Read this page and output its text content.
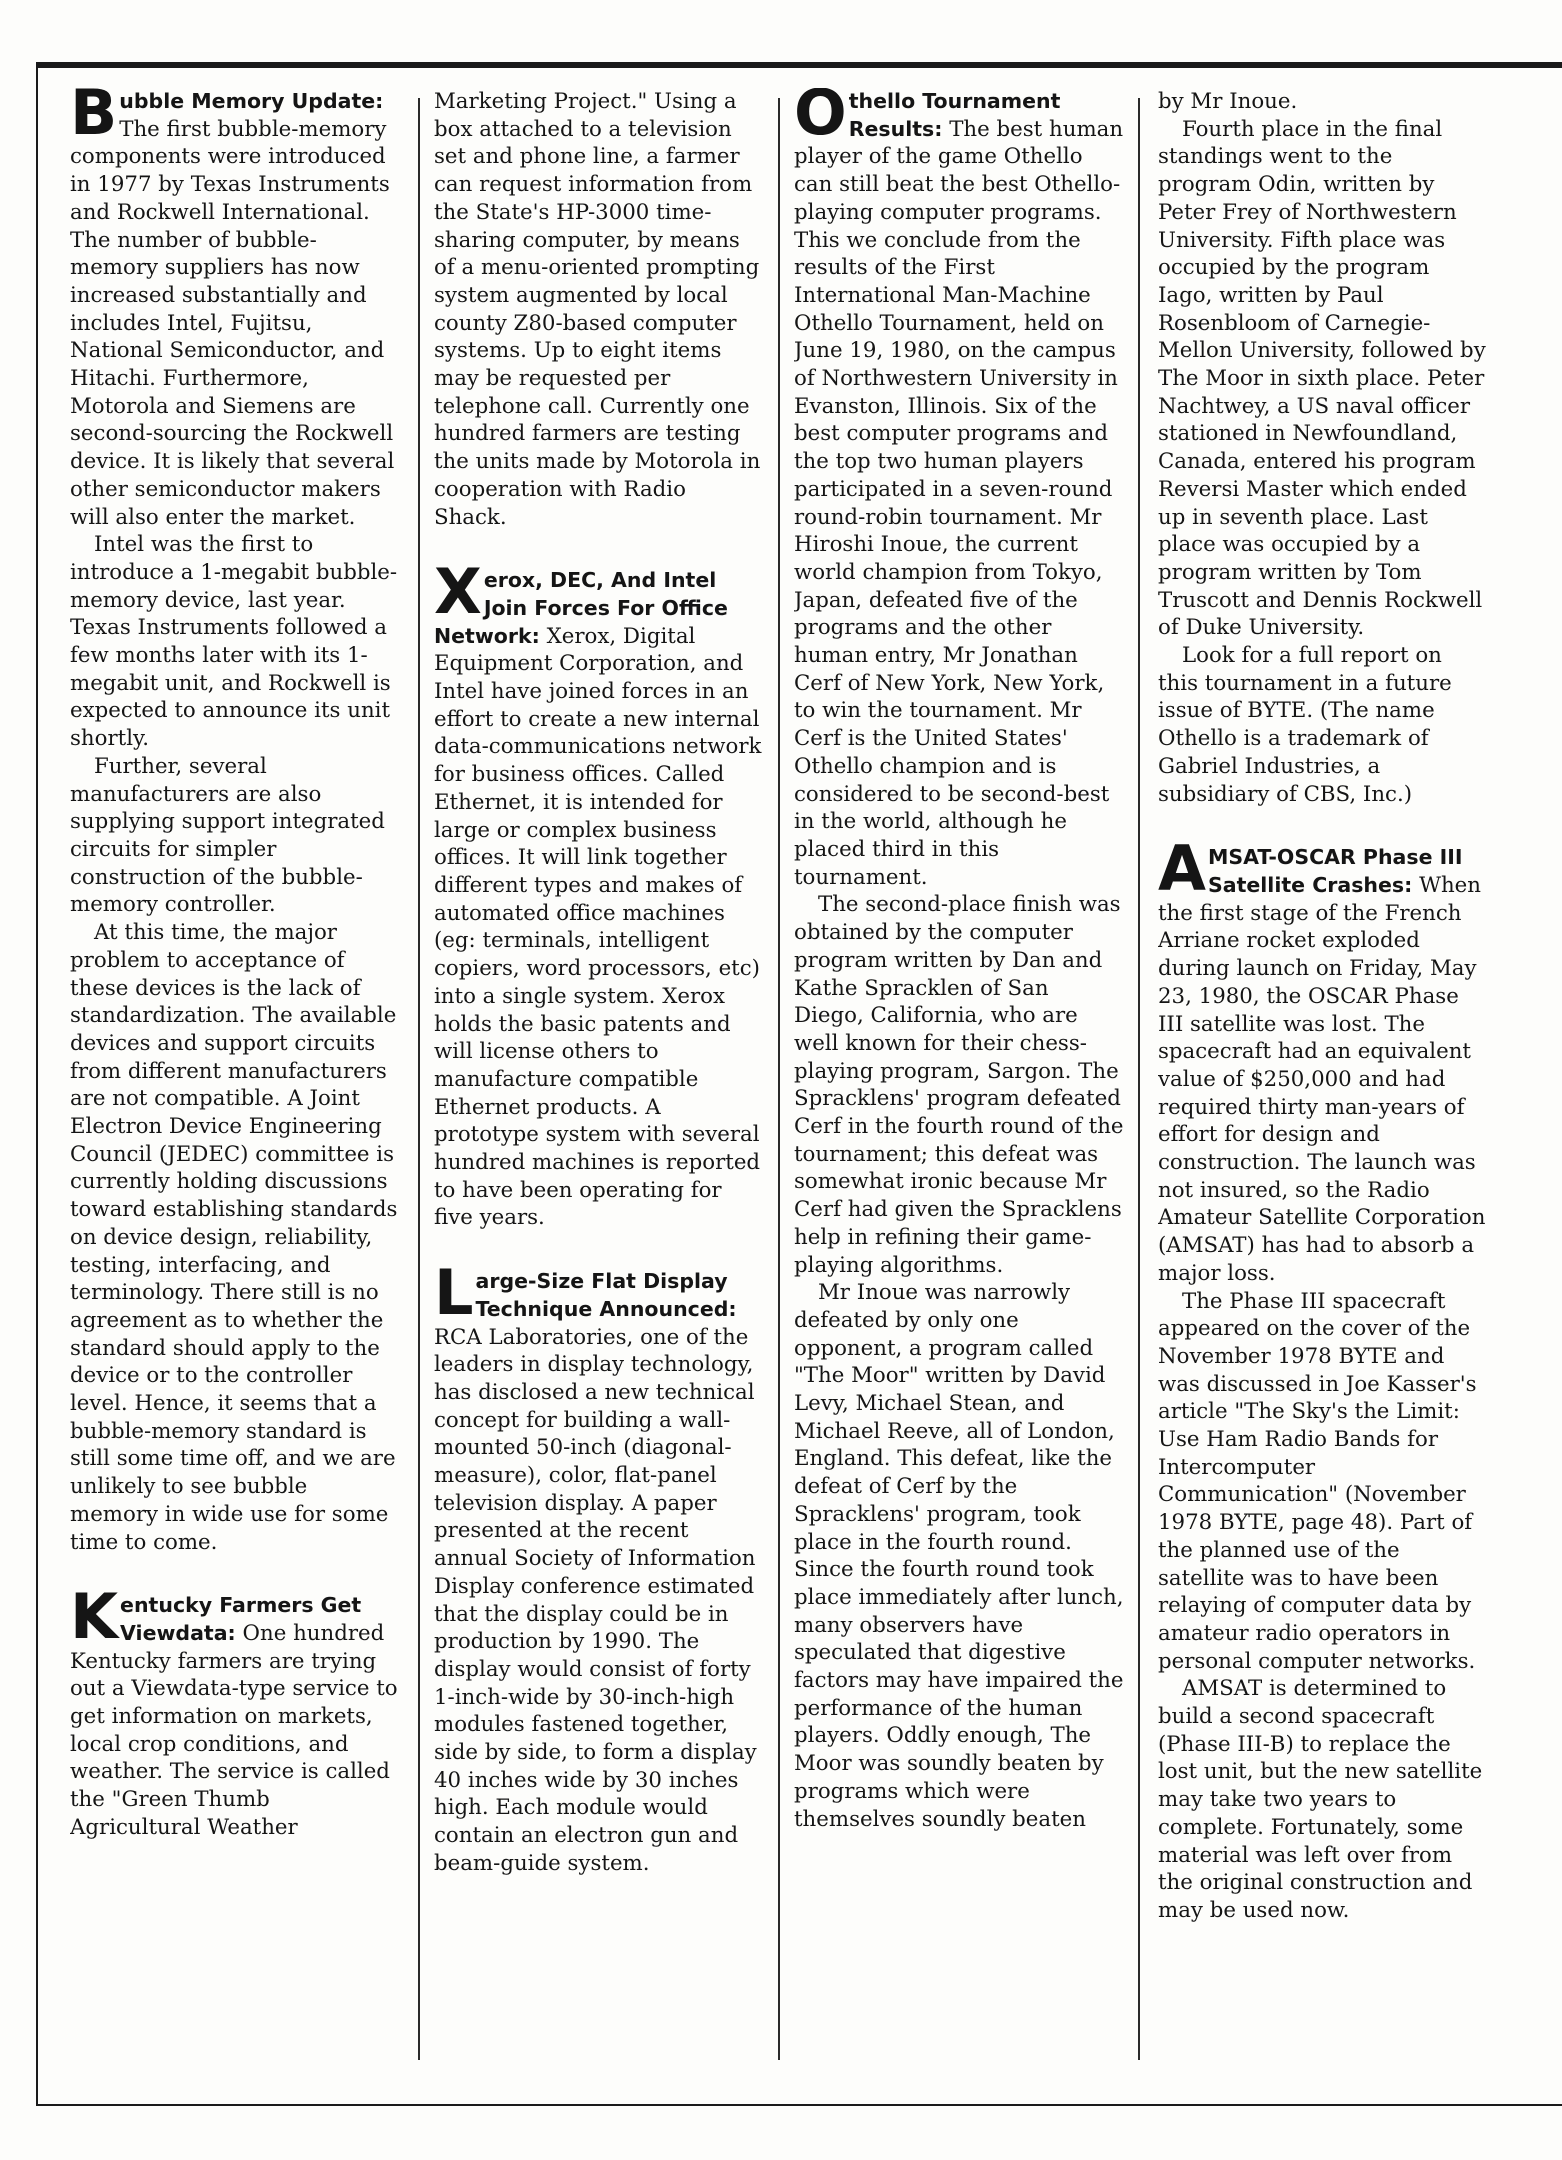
Bubble Memory Update: The first bubble-memory components were introduced in 1977 by Texas Instruments and Rockwell International. The number of bubble-memory suppliers has now increased substantially and includes Intel, Fujitsu, National Semiconductor, and Hitachi. Furthermore, Motorola and Siemens are second-sourcing the Rockwell device. It is likely that several other semiconductor makers will also enter the market.

Intel was the first to introduce a 1-megabit bubble-memory device, last year. Texas Instruments followed a few months later with its 1-megabit unit, and Rockwell is expected to announce its unit shortly.

Further, several manufacturers are also supplying support integrated circuits for simpler construction of the bubble-memory controller.

At this time, the major problem to acceptance of these devices is the lack of standardization. The available devices and support circuits from different manufacturers are not compatible. A Joint Electron Device Engineering Council (JEDEC) committee is currently holding discussions toward establishing standards on device design, reliability, testing, interfacing, and terminology. There still is no agreement as to whether the standard should apply to the device or to the controller level. Hence, it seems that a bubble-memory standard is still some time off, and we are unlikely to see bubble memory in wide use for some time to come.

Kentucky Farmers Get Viewdata: One hundred Kentucky farmers are trying out a Viewdata-type service to get information on markets, local crop conditions, and weather. The service is called the "Green Thumb Agricultural Weather

Marketing Project." Using a box attached to a television set and phone line, a farmer can request information from the State's HP-3000 time-sharing computer, by means of a menu-oriented prompting system augmented by local county Z80-based computer systems. Up to eight items may be requested per telephone call. Currently one hundred farmers are testing the units made by Motorola in cooperation with Radio Shack.

Xerox, DEC, And Intel Join Forces For Office Network: Xerox, Digital Equipment Corporation, and Intel have joined forces in an effort to create a new internal data-communications network for business offices. Called Ethernet, it is intended for large or complex business offices. It will link together different types and makes of automated office machines (eg: terminals, intelligent copiers, word processors, etc) into a single system. Xerox holds the basic patents and will license others to manufacture compatible Ethernet products. A prototype system with several hundred machines is reported to have been operating for five years.

Large-Size Flat Display Technique Announced: RCA Laboratories, one of the leaders in display technology, has disclosed a new technical concept for building a wall-mounted 50-inch (diagonal-measure), color, flat-panel television display. A paper presented at the recent annual Society of Information Display conference estimated that the display could be in production by 1990. The display would consist of forty 1-inch-wide by 30-inch-high modules fastened together, side by side, to form a display 40 inches wide by 30 inches high. Each module would contain an electron gun and beam-guide system.

Othello Tournament Results: The best human player of the game Othello can still beat the best Othello-playing computer programs. This we conclude from the results of the First International Man-Machine Othello Tournament, held on June 19, 1980, on the campus of Northwestern University in Evanston, Illinois. Six of the best computer programs and the top two human players participated in a seven-round round-robin tournament. Mr Hiroshi Inoue, the current world champion from Tokyo, Japan, defeated five of the programs and the other human entry, Mr Jonathan Cerf of New York, New York, to win the tournament. Mr Cerf is the United States' Othello champion and is considered to be second-best in the world, although he placed third in this tournament.

The second-place finish was obtained by the computer program written by Dan and Kathe Spracklen of San Diego, California, who are well known for their chess-playing program, Sargon. The Spracklens' program defeated Cerf in the fourth round of the tournament; this defeat was somewhat ironic because Mr Cerf had given the Spracklens help in refining their game-playing algorithms.

Mr Inoue was narrowly defeated by only one opponent, a program called "The Moor" written by David Levy, Michael Stean, and Michael Reeve, all of London, England. This defeat, like the defeat of Cerf by the Spracklens' program, took place in the fourth round. Since the fourth round took place immediately after lunch, many observers have speculated that digestive factors may have impaired the performance of the human players. Oddly enough, The Moor was soundly beaten by programs which were themselves soundly beaten

by Mr Inoue.

Fourth place in the final standings went to the program Odin, written by Peter Frey of Northwestern University. Fifth place was occupied by the program Iago, written by Paul Rosenbloom of Carnegie-Mellon University, followed by The Moor in sixth place. Peter Nachtwey, a US naval officer stationed in Newfoundland, Canada, entered his program Reversi Master which ended up in seventh place. Last place was occupied by a program written by Tom Truscott and Dennis Rockwell of Duke University.

Look for a full report on this tournament in a future issue of BYTE. (The name Othello is a trademark of Gabriel Industries, a subsidiary of CBS, Inc.)

AMSAT-OSCAR Phase III Satellite Crashes: When the first stage of the French Arriane rocket exploded during launch on Friday, May 23, 1980, the OSCAR Phase III satellite was lost. The spacecraft had an equivalent value of $250,000 and had required thirty man-years of effort for design and construction. The launch was not insured, so the Radio Amateur Satellite Corporation (AMSAT) has had to absorb a major loss.

The Phase III spacecraft appeared on the cover of the November 1978 BYTE and was discussed in Joe Kasser's article "The Sky's the Limit: Use Ham Radio Bands for Intercomputer Communication" (November 1978 BYTE, page 48). Part of the planned use of the satellite was to have been relaying of computer data by amateur radio operators in personal computer networks.

AMSAT is determined to build a second spacecraft (Phase III-B) to replace the lost unit, but the new satellite may take two years to complete. Fortunately, some material was left over from the original construction and may be used now.
